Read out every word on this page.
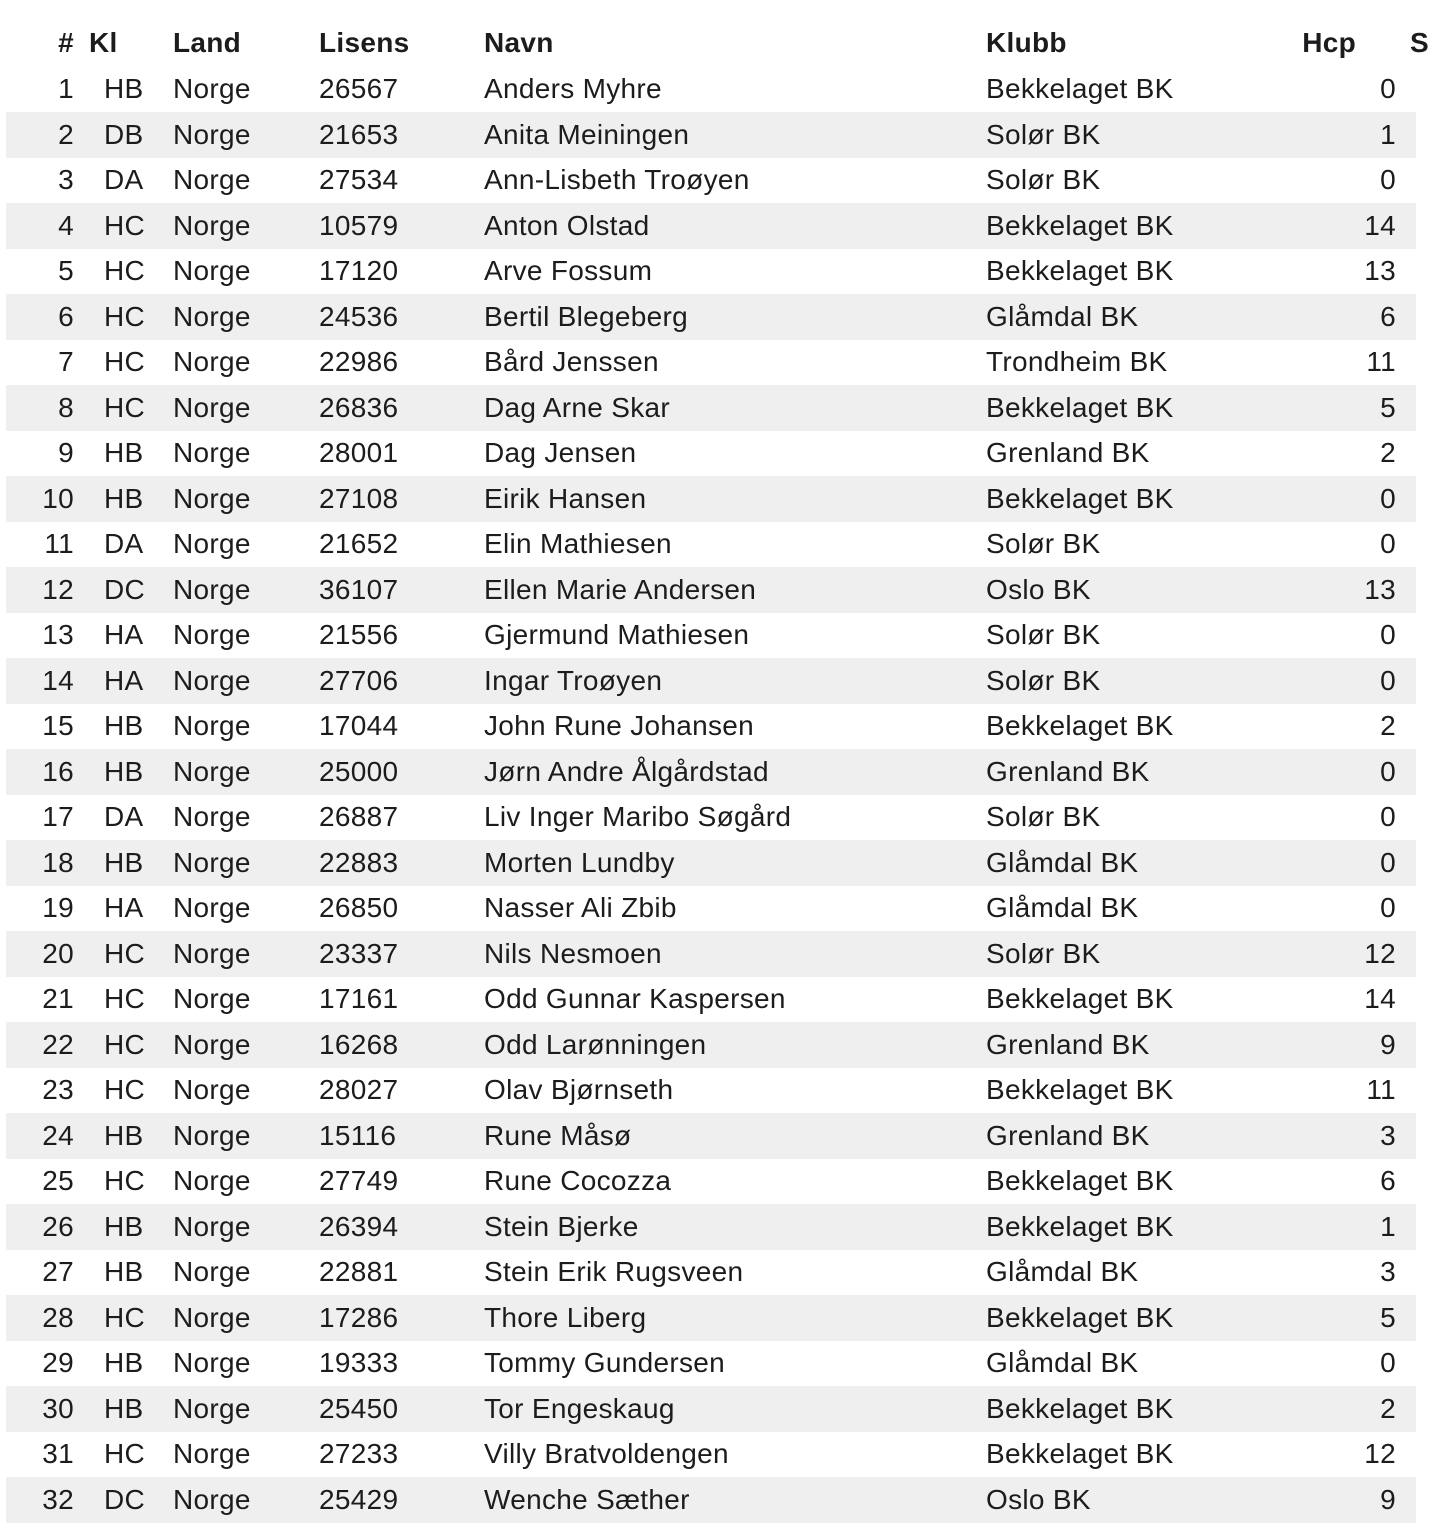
# Kl Land	Lisens	Navn	Klubb	Hcp S
1 HB Norge 26567	Anders Myhre	Bekkelaget BK	0
2 DB Norge 21653	Anita Meiningen	Solør BK	1
3 DA Norge 27534	Ann-Lisbeth Troøyen	Solør BK	0
4 HC Norge 10579	Anton Olstad	Bekkelaget BK	14
5 HC Norge 17120	Arve Fossum	Bekkelaget BK	13
6 HC Norge 24536	Bertil Blegeberg	Glåmdal BK	6
7 HC Norge 22986	Bård Jenssen	Trondheim BK	11
8 HC Norge 26836	Dag Arne Skar	Bekkelaget BK	5
9 HB Norge 28001	Dag Jensen	Grenland BK	2
10 HB Norge 27108	Eirik Hansen	Bekkelaget BK	0
11 DA Norge 21652	Elin Mathiesen	Solør BK	0
12 DC Norge 36107	Ellen Marie Andersen	Oslo BK	13
13 HA Norge 21556	Gjermund Mathiesen	Solør BK	0
14 HA Norge 27706	Ingar Troøyen	Solør BK	0
15 HB Norge 17044	John Rune Johansen	Bekkelaget BK	2
16 HB Norge 25000	Jørn Andre Ålgårdstad	Grenland BK	0
17 DA Norge 26887	Liv Inger Maribo Søgård	Solør BK	0
18 HB Norge 22883	Morten Lundby	Glåmdal BK	0
19 HA Norge 26850	Nasser Ali Zbib	Glåmdal BK	0
20 HC Norge 23337	Nils Nesmoen	Solør BK	12
21 HC Norge 17161	Odd Gunnar Kaspersen	Bekkelaget BK	14
22 HC Norge 16268	Odd Larønningen	Grenland BK	9
23 HC Norge 28027	Olav Bjørnseth	Bekkelaget BK	11
24 HB Norge 15116	Rune Måsø	Grenland BK	3
25 HC Norge 27749	Rune Cocozza	Bekkelaget BK	6
26 HB Norge 26394	Stein Bjerke	Bekkelaget BK	1
27 HB Norge 22881	Stein Erik Rugsveen	Glåmdal BK	3
28 HC Norge 17286	Thore Liberg	Bekkelaget BK	5
29 HB Norge 19333	Tommy Gundersen	Glåmdal BK	0
30 HB Norge 25450	Tor Engeskaug	Bekkelaget BK	2
31 HC Norge 27233	Villy Bratvoldengen	Bekkelaget BK	12
32 DC Norge 25429	Wenche Sæther	Oslo BK	9
